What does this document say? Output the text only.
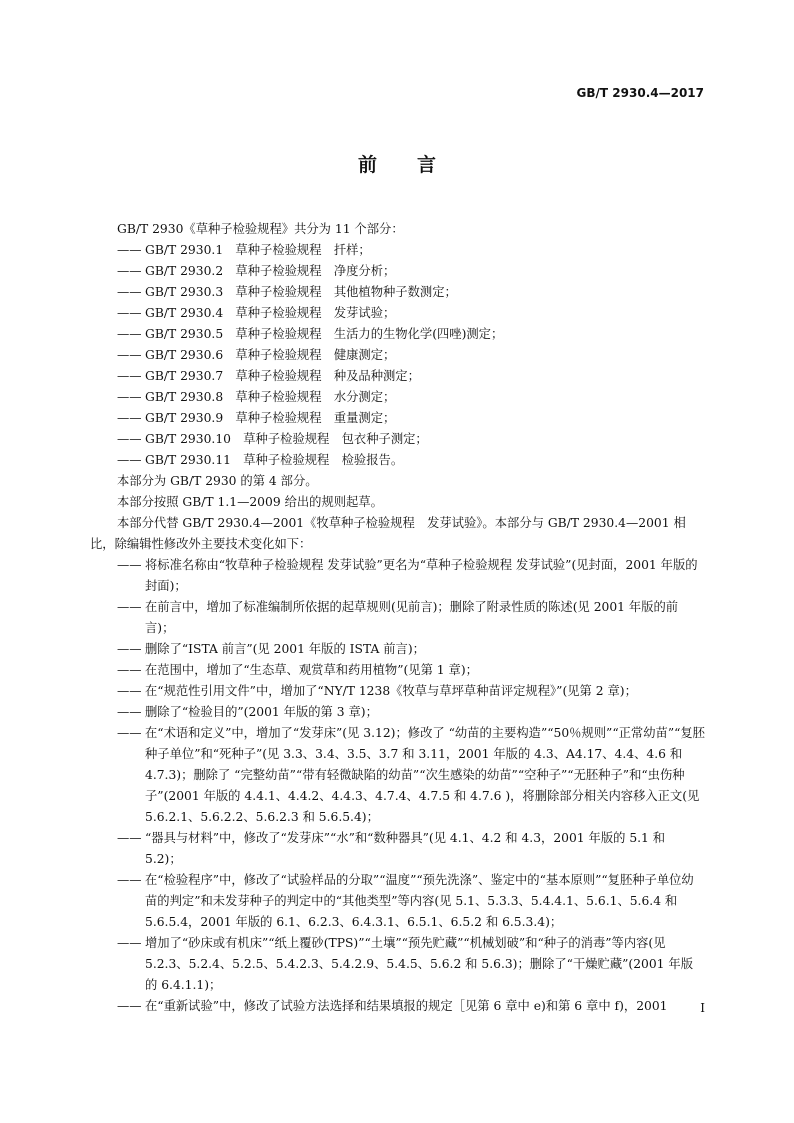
GB/T 2930.4—2017
前言

GB/T 2930《草种子检验规程》共分为 11 个部分：

—— GB/T 2930.1　草种子检验规程　扦样；
—— GB/T 2930.2　草种子检验规程　净度分析；
—— GB/T 2930.3　草种子检验规程　其他植物种子数测定；
—— GB/T 2930.4　草种子检验规程　发芽试验；
—— GB/T 2930.5　草种子检验规程　生活力的生物化学(四唑)测定；
—— GB/T 2930.6　草种子检验规程　健康测定；
—— GB/T 2930.7　草种子检验规程　种及品种测定；
—— GB/T 2930.8　草种子检验规程　水分测定；
—— GB/T 2930.9　草种子检验规程　重量测定；
—— GB/T 2930.10　草种子检验规程　包衣种子测定；
—— GB/T 2930.11　草种子检验规程　检验报告。

本部分为 GB/T 2930 的第 4 部分。

本部分按照 GB/T 1.1—2009 给出的规则起草。

本部分代替 GB/T 2930.4—2001《牧草种子检验规程　发芽试验》。本部分与 GB/T 2930.4—2001 相比，除编辑性修改外主要技术变化如下：

—— 将标准名称由“牧草种子检验规程 发芽试验”更名为“草种子检验规程 发芽试验”(见封面，2001 年版的封面)；
—— 在前言中，增加了标准编制所依据的起草规则(见前言)；删除了附录性质的陈述(见 2001 年版的前言)；
—— 删除了“ISTA 前言”(见 2001 年版的 ISTA 前言)；
—— 在范围中，增加了“生态草、观赏草和药用植物”(见第 1 章)；
—— 在“规范性引用文件”中，增加了“NY/T 1238《牧草与草坪草种苗评定规程》”(见第 2 章)；
—— 删除了“检验目的”(2001 年版的第 3 章)；
—— 在“术语和定义”中，增加了“发芽床”(见 3.12)；修改了 “幼苗的主要构造”“50％规则”“正常幼苗”“复胚种子单位”和“死种子”(见 3.3、3.4、3.5、3.7 和 3.11，2001 年版的 4.3、A4.17、4.4、4.6 和 4.7.3)；删除了 “完整幼苗”“带有轻微缺陷的幼苗”“次生感染的幼苗”“空种子”“无胚种子”和“虫伤种子”(2001 年版的 4.4.1、4.4.2、4.4.3、4.7.4、4.7.5 和 4.7.6 )，将删除部分相关内容移入正文(见 5.6.2.1、5.6.2.2、5.6.2.3 和 5.6.5.4)；
—— “器具与材料”中，修改了“发芽床”“水”和“数种器具”(见 4.1、4.2 和 4.3，2001 年版的 5.1 和 5.2)；
—— 在“检验程序”中，修改了“试验样品的分取”“温度”“预先洗涤”、鉴定中的“基本原则”“复胚种子单位幼苗的判定”和未发芽种子的判定中的“其他类型”等内容(见 5.1、5.3.3、5.4.4.1、5.6.1、5.6.4 和 5.6.5.4，2001 年版的 6.1、6.2.3、6.4.3.1、6.5.1、6.5.2 和 6.5.3.4)；
—— 增加了“砂床或有机床”“纸上覆砂(TPS)”“土壤”“预先贮藏”“机械划破”和“种子的消毒”等内容(见 5.2.3、5.2.4、5.2.5、5.4.2.3、5.4.2.9、5.4.5、5.6.2 和 5.6.3)；删除了“干燥贮藏”(2001 年版的 6.4.1.1)；
—— 在“重新试验”中，修改了试验方法选择和结果填报的规定［见第 6 章中 e)和第 6 章中 f)，2001	I
